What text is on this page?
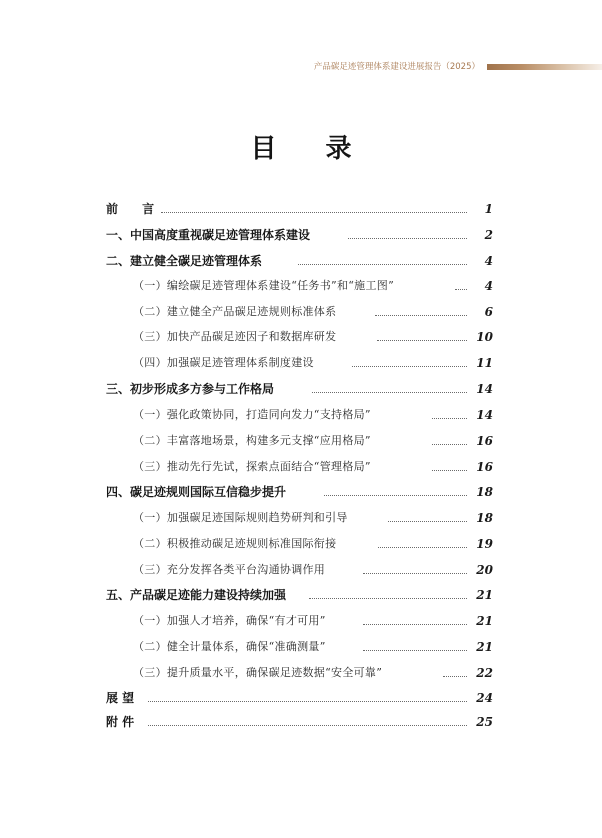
产品碳足迹管理体系建设进展报告（2025）
目 录
前 言	1
一、中国高度重视碳足迹管理体系建设	2
二、建立健全碳足迹管理体系	4
（一）编绘碳足迹管理体系建设“任务书”和“施工图”	4
（二）建立健全产品碳足迹规则标准体系	6
（三）加快产品碳足迹因子和数据库研发	10
（四）加强碳足迹管理体系制度建设	11
三、初步形成多方参与工作格局	14
（一）强化政策协同，打造同向发力“支持格局”	14
（二）丰富落地场景，构建多元支撑“应用格局”	16
（三）推动先行先试，探索点面结合“管理格局”	16
四、碳足迹规则国际互信稳步提升	18
（一）加强碳足迹国际规则趋势研判和引导	18
（二）积极推动碳足迹规则标准国际衔接	19
（三）充分发挥各类平台沟通协调作用	20
五、产品碳足迹能力建设持续加强	21
（一）加强人才培养，确保“有才可用”	21
（二）健全计量体系，确保“准确测量”	21
（三）提升质量水平，确保碳足迹数据“安全可靠”	22
展 望	24
附 件	25
